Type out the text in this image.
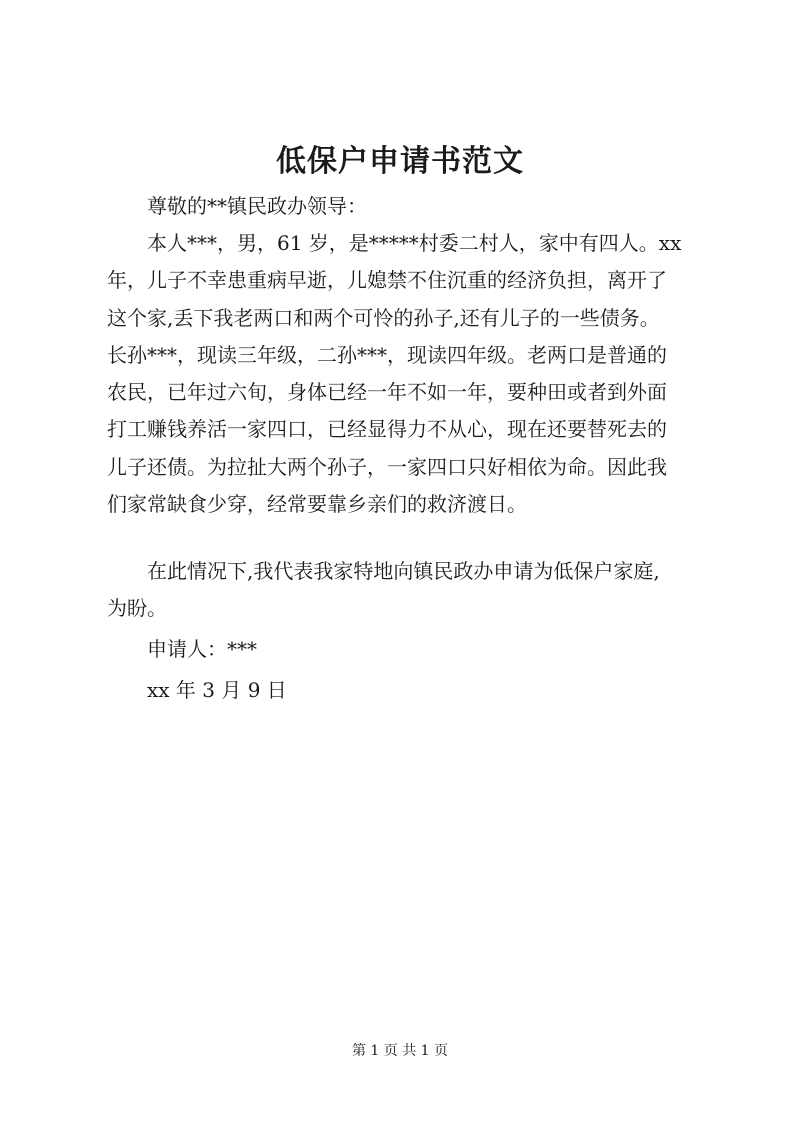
低保户申请书范文
尊敬的**镇民政办领导：
本人***，男，61 岁，是*****村委二村人，家中有四人。xx
年，儿子不幸患重病早逝，儿媳禁不住沉重的经济负担，离开了
这个家,丢下我老两口和两个可怜的孙子,还有儿子的一些债务。
长孙***，现读三年级，二孙***，现读四年级。老两口是普通的
农民，已年过六旬，身体已经一年不如一年，要种田或者到外面
打工赚钱养活一家四口，已经显得力不从心，现在还要替死去的
儿子还债。为拉扯大两个孙子，一家四口只好相依为命。因此我
们家常缺食少穿，经常要靠乡亲们的救济渡日。
在此情况下,我代表我家特地向镇民政办申请为低保户家庭,
为盼。
申请人：***
xx 年 3 月 9 日
第 1 页 共 1 页
